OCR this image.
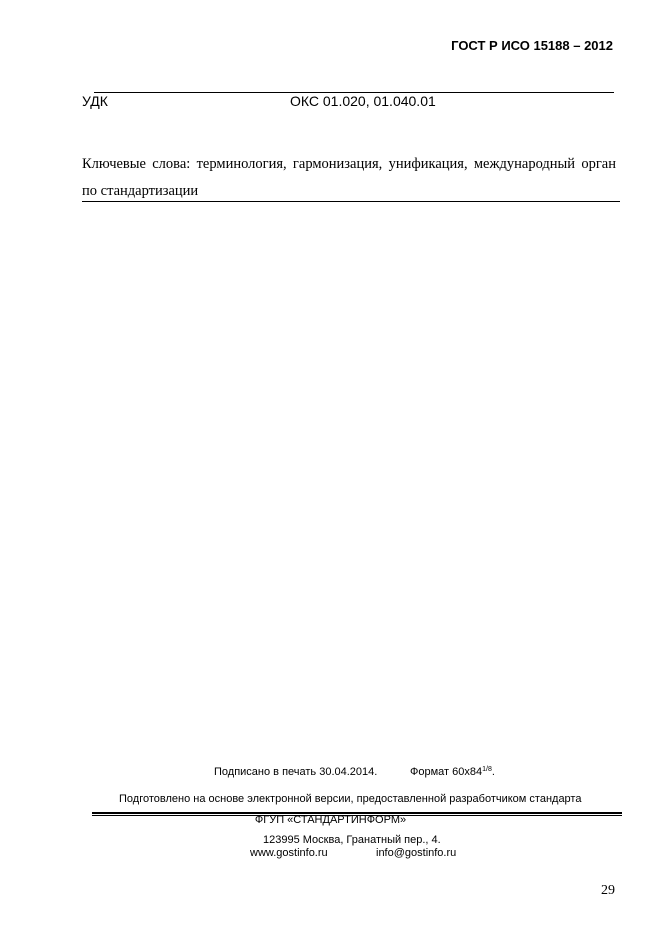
ГОСТ Р ИСО 15188 – 2012
УДК	ОКС 01.020, 01.040.01
Ключевые слова: терминология, гармонизация, унификация, международный орган
по стандартизации
Подписано в печать 30.04.2014.	Формат $60х84^{1/8}$.
Подготовлено на основе электронной версии, предоставленной разработчиком стандарта
ФГУП «СТАНДАРТИНФОРМ»
123995 Москва, Гранатный пер., 4.
www.gostinfo.ru	info@gostinfo.ru
29
